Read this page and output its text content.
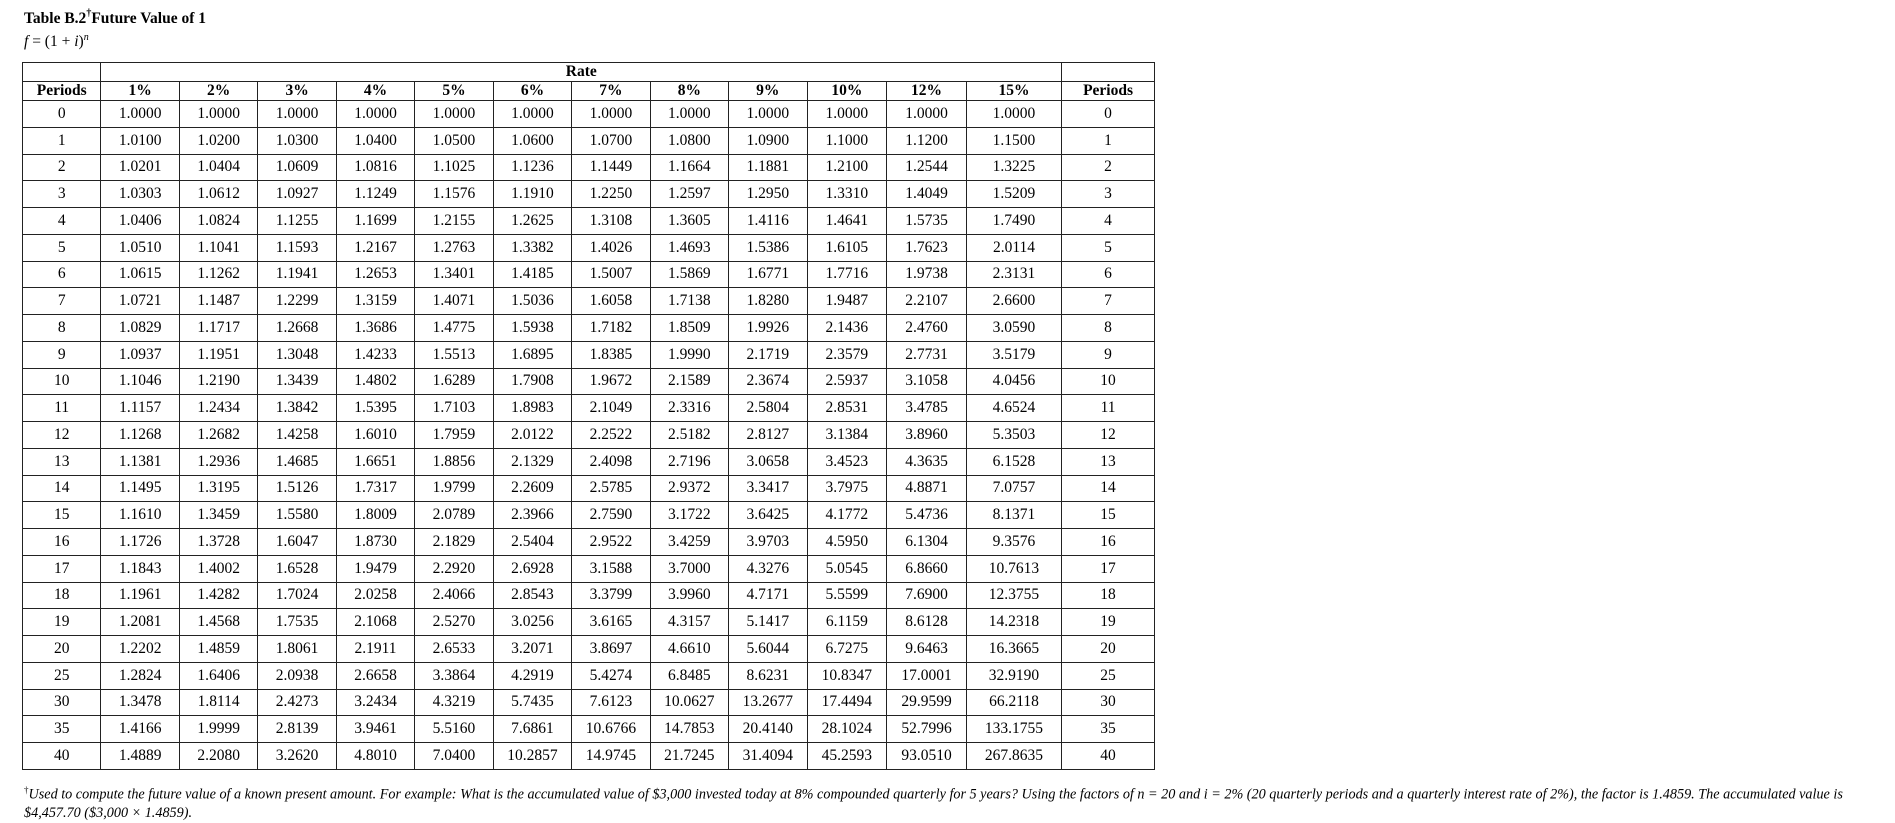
Table B.2†Future Value of 1
$f = (1 + i)^n$
	Rate												
Periods	1%	2%	3%	4%	5%	6%	7%	8%	9%	10%	12%	15%	Periods
0	1.0000	1.0000	1.0000	1.0000	1.0000	1.0000	1.0000	1.0000	1.0000	1.0000	1.0000	1.0000	0
1	1.0100	1.0200	1.0300	1.0400	1.0500	1.0600	1.0700	1.0800	1.0900	1.1000	1.1200	1.1500	1
2	1.0201	1.0404	1.0609	1.0816	1.1025	1.1236	1.1449	1.1664	1.1881	1.2100	1.2544	1.3225	2
3	1.0303	1.0612	1.0927	1.1249	1.1576	1.1910	1.2250	1.2597	1.2950	1.3310	1.4049	1.5209	3
4	1.0406	1.0824	1.1255	1.1699	1.2155	1.2625	1.3108	1.3605	1.4116	1.4641	1.5735	1.7490	4
5	1.0510	1.1041	1.1593	1.2167	1.2763	1.3382	1.4026	1.4693	1.5386	1.6105	1.7623	2.0114	5
6	1.0615	1.1262	1.1941	1.2653	1.3401	1.4185	1.5007	1.5869	1.6771	1.7716	1.9738	2.3131	6
7	1.0721	1.1487	1.2299	1.3159	1.4071	1.5036	1.6058	1.7138	1.8280	1.9487	2.2107	2.6600	7
8	1.0829	1.1717	1.2668	1.3686	1.4775	1.5938	1.7182	1.8509	1.9926	2.1436	2.4760	3.0590	8
9	1.0937	1.1951	1.3048	1.4233	1.5513	1.6895	1.8385	1.9990	2.1719	2.3579	2.7731	3.5179	9
10	1.1046	1.2190	1.3439	1.4802	1.6289	1.7908	1.9672	2.1589	2.3674	2.5937	3.1058	4.0456	10
11	1.1157	1.2434	1.3842	1.5395	1.7103	1.8983	2.1049	2.3316	2.5804	2.8531	3.4785	4.6524	11
12	1.1268	1.2682	1.4258	1.6010	1.7959	2.0122	2.2522	2.5182	2.8127	3.1384	3.8960	5.3503	12
13	1.1381	1.2936	1.4685	1.6651	1.8856	2.1329	2.4098	2.7196	3.0658	3.4523	4.3635	6.1528	13
14	1.1495	1.3195	1.5126	1.7317	1.9799	2.2609	2.5785	2.9372	3.3417	3.7975	4.8871	7.0757	14
15	1.1610	1.3459	1.5580	1.8009	2.0789	2.3966	2.7590	3.1722	3.6425	4.1772	5.4736	8.1371	15
16	1.1726	1.3728	1.6047	1.8730	2.1829	2.5404	2.9522	3.4259	3.9703	4.5950	6.1304	9.3576	16
17	1.1843	1.4002	1.6528	1.9479	2.2920	2.6928	3.1588	3.7000	4.3276	5.0545	6.8660	10.7613	17
18	1.1961	1.4282	1.7024	2.0258	2.4066	2.8543	3.3799	3.9960	4.7171	5.5599	7.6900	12.3755	18
19	1.2081	1.4568	1.7535	2.1068	2.5270	3.0256	3.6165	4.3157	5.1417	6.1159	8.6128	14.2318	19
20	1.2202	1.4859	1.8061	2.1911	2.6533	3.2071	3.8697	4.6610	5.6044	6.7275	9.6463	16.3665	20
25	1.2824	1.6406	2.0938	2.6658	3.3864	4.2919	5.4274	6.8485	8.6231	10.8347	17.0001	32.9190	25
30	1.3478	1.8114	2.4273	3.2434	4.3219	5.7435	7.6123	10.0627	13.2677	17.4494	29.9599	66.2118	30
35	1.4166	1.9999	2.8139	3.9461	5.5160	7.6861	10.6766	14.7853	20.4140	28.1024	52.7996	133.1755	35
40	1.4889	2.2080	3.2620	4.8010	7.0400	10.2857	14.9745	21.7245	31.4094	45.2593	93.0510	267.8635	40
†Used to compute the future value of a known present amount. For example: What is the accumulated value of $3,000 invested today at 8% compounded quarterly for 5 years? Using the factors of n = 20 and i = 2% (20 quarterly periods and a quarterly interest rate of 2%), the factor is 1.4859. The accumulated value is $4,457.70 ($3,000 × 1.4859).
